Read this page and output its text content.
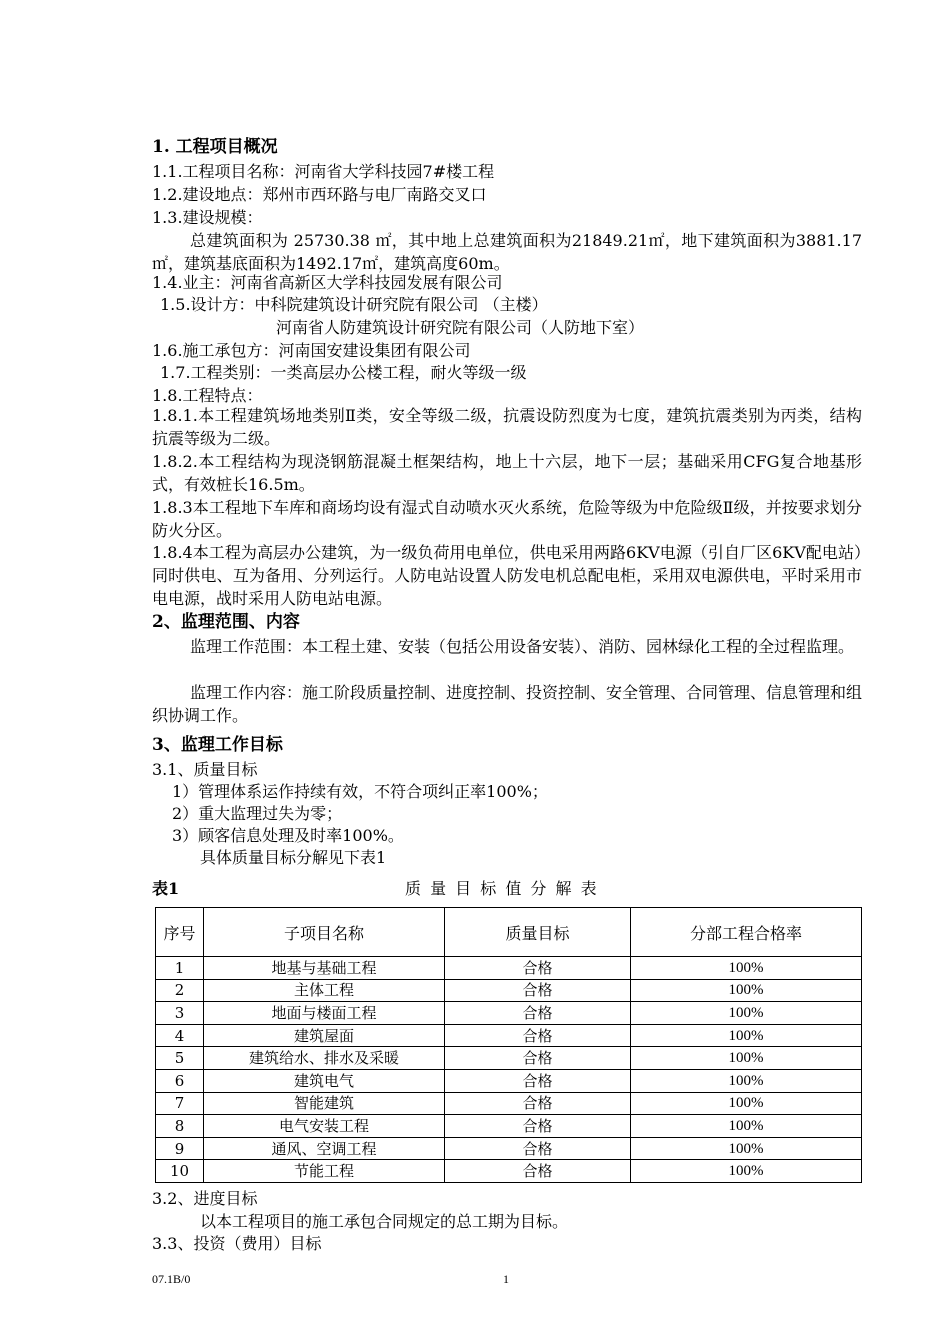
1. 工程项目概况
1.1.工程项目名称：河南省大学科技园7#楼工程
1.2.建设地点：郑州市西环路与电厂南路交叉口
1.3.建设规模：
总建筑面积为 25730.38 ㎡，其中地上总建筑面积为21849.21㎡，地下建筑面积为3881.17㎡，建筑基底面积为1492.17㎡，建筑高度60m。
1.4.业主：河南省高新区大学科技园发展有限公司
1.5.设计方：中科院建筑设计研究院有限公司 （主楼）
河南省人防建筑设计研究院有限公司（人防地下室）
1.6.施工承包方：河南国安建设集团有限公司
1.7.工程类别：一类高层办公楼工程，耐火等级一级
1.8.工程特点：
1.8.1.本工程建筑场地类别Ⅱ类，安全等级二级，抗震设防烈度为七度，建筑抗震类别为丙类，结构抗震等级为二级。
1.8.2.本工程结构为现浇钢筋混凝土框架结构，地上十六层，地下一层；基础采用CFG复合地基形式，有效桩长16.5m。
1.8.3本工程地下车库和商场均设有湿式自动喷水灭火系统，危险等级为中危险级Ⅱ级，并按要求划分防火分区。
1.8.4本工程为高层办公建筑，为一级负荷用电单位，供电采用两路6KV电源（引自厂区6KV配电站）同时供电、互为备用、分列运行。人防电站设置人防发电机总配电柜，采用双电源供电，平时采用市电电源，战时采用人防电站电源。
2、监理范围、内容
监理工作范围：本工程土建、安装（包括公用设备安装）、消防、园林绿化工程的全过程监理。
监理工作内容：施工阶段质量控制、进度控制、投资控制、安全管理、合同管理、信息管理和组织协调工作。
3、监理工作目标
3.1、质量目标
1）管理体系运作持续有效，不符合项纠正率100%；
2）重大监理过失为零；
3）顾客信息处理及时率100%。
具体质量目标分解见下表1
表1	质 量 目 标 值 分 解 表
序号	子项目名称	质量目标	分部工程合格率
1	地基与基础工程	合格	100%
2	主体工程	合格	100%
3	地面与楼面工程	合格	100%
4	建筑屋面	合格	100%
5	建筑给水、排水及采暖	合格	100%
6	建筑电气	合格	100%
7	智能建筑	合格	100%
8	电气安装工程	合格	100%
9	通风、空调工程	合格	100%
10	节能工程	合格	100%
3.2、进度目标
以本工程项目的施工承包合同规定的总工期为目标。
3.3、投资（费用）目标
07.1B/0	1
